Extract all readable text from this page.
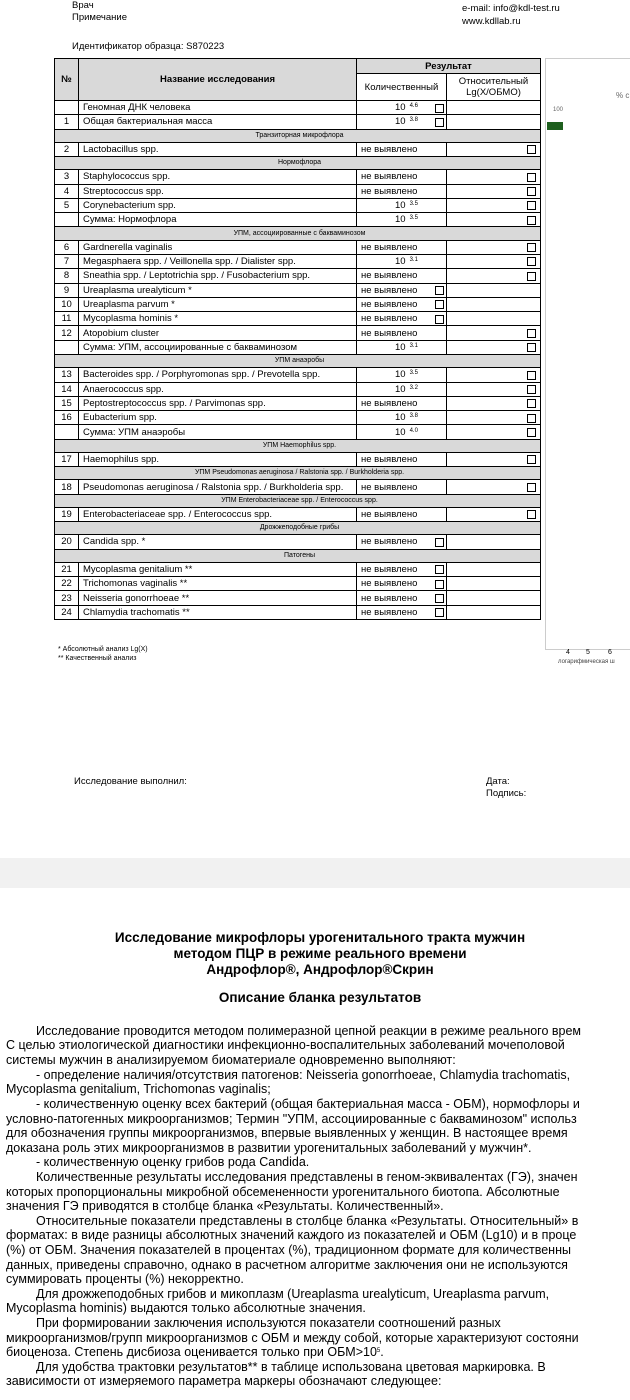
Врач
Примечание
e-mail: info@kdl-test.ru
www.kdllab.ru
Идентификатор образца: S870223
№	Название исследования	Результат	
		Количественный	Относительный
Lg(X/ОБМО)
	Геномная ДНК человека	10 $^{4.6}$

1	Общая бактериальная масса	10 $^{3.8}$

Транзиторная микрофлора			
2	Lactobacillus spp.	не выявлено	

Нормофлора			
3	Staphylococcus spp.	не выявлено	

4	Streptococcus spp.	не выявлено	

5	Corynebacterium spp.	10 $^{3.5}$	

	Сумма: Нормофлора	10 $^{3.5}$	

УПМ, ассоциированные с бакваминозом			
6	Gardnerella vaginalis	не выявлено	

7	Megasphaera spp. / Veillonella spp. / Dialister spp.	10 $^{3.1}$	

8	Sneathia spp. / Leptotrichia spp. / Fusobacterium spp.	не выявлено	

9	Ureaplasma urealyticum *	не выявлено

10	Ureaplasma parvum *	не выявлено

11	Mycoplasma hominis *	не выявлено

12	Atopobium cluster	не выявлено	

	Сумма: УПМ, ассоциированные с бакваминозом	10 $^{3.1}$	

УПМ анаэробы			
13	Bacteroides spp. / Porphyromonas spp. / Prevotella spp.	10 $^{3.5}$	

14	Anaerococcus spp.	10 $^{3.2}$	

15	Peptostreptococcus spp. / Parvimonas spp.	не выявлено	

16	Eubacterium spp.	10 $^{3.8}$	

	Сумма: УПМ анаэробы	10 $^{4.0}$	

УПМ Haemophilus spp.			
17	Haemophilus spp.	не выявлено	

УПМ Pseudomonas aeruginosa / Ralstonia spp. / Burkholderia spp.			
18	Pseudomonas aeruginosa / Ralstonia spp. / Burkholderia spp.	не выявлено	

УПМ Enterobacteriaceae spp. / Enterococcus spp.			
19	Enterobacteriaceae spp. / Enterococcus spp.	не выявлено	

Дрожжеподобные грибы			
20	Candida spp. *	не выявлено

Патогены			
21	Mycoplasma genitalium **	не выявлено

22	Trichomonas vaginalis **	не выявлено

23	Neisseria gonorrhoeae **	не выявлено

24	Chlamydia trachomatis **	не выявлено

100
% с
4 5	6
логарифмическая ш
* Абсолютный анализ Lg(X)
** Качественный анализ
Исследование выполнил:	Дата:
Подпись:
Исследование микрофлоры урогенитального тракта мужчин
методом ПЦР в режиме реального времени
Андрофлор®, Андрофлор®Скрин
Описание бланка результатов
Исследование проводится методом полимеразной цепной реакции в режиме реального врем
С целью этиологической диагностики инфекционно-воспалительных заболеваний мочеполовой
системы мужчин в анализируемом биоматериале одновременно выполняют:
- определение наличия/отсутствия патогенов: Neisseria gonorrhoeae, Chlamydia trachomatis,
Mycoplasma genitalium, Trichomonas vaginalis;
- количественную оценку всех бактерий (общая бактериальная масса - ОБМ), нормофлоры и
условно-патогенных микроорганизмов; Термин "УПМ, ассоциированные с бакваминозом" использ
для обозначения группы микроорганизмов, впервые выявленных у женщин. В настоящее время
доказана роль этих микроорганизмов в развитии урогенитальных заболеваний у мужчин*.
- количественную оценку грибов рода Candida.
Количественные результаты исследования представлены в геном-эквивалентах (ГЭ), значен
которых пропорциональны микробной обсемененности урогенитального биотопа. Абсолютные
значения ГЭ приводятся в столбце бланка «Результаты. Количественный».
Относительные показатели представлены в столбце бланка «Результаты. Относительный» в
форматах: в виде разницы абсолютных значений каждого из показателей и ОБМ (Lg10) и в проце
(%) от ОБМ. Значения показателей в процентах (%), традиционном формате для количественны
данных, приведены справочно, однако в расчетном алгоритме заключения они не используются
суммировать проценты (%) некорректно.
Для дрожжеподобных грибов и микоплазм (Ureaplasma urealyticum, Ureaplasma parvum,
Mycoplasma hominis) выдаются только абсолютные значения.
При формировании заключения используются показатели соотношений разных
микроорганизмов/групп микроорганизмов с ОБМ и между собой, которые характеризуют состояни
биоценоза. Степень дисбиоза оценивается только при $ОБМ>10^5$.
Для удобства трактовки результатов** в таблице использована цветовая маркировка. В
зависимости от измеряемого параметра маркеры обозначают следующее:
